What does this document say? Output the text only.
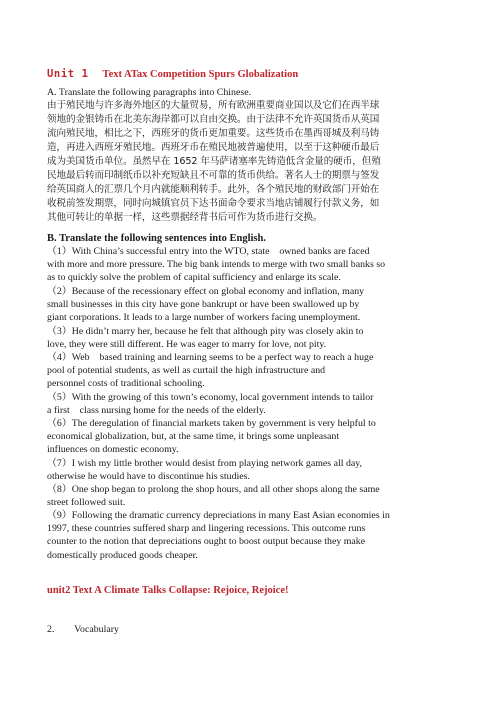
Unit 1 Text ATax Competition Spurs Globalization
A. Translate the following paragraphs into Chinese.
由于殖民地与许多海外地区的大量贸易，所有欧洲重要商业国以及它们在西半球
领地的金银铸币在北美东海岸都可以自由交换。由于法律不允许英国货币从英国
流向殖民地，相比之下，西班牙的货币更加重要。这些货币在墨西哥城及利马铸
造，再进入西班牙殖民地。西班牙币在殖民地被普遍使用，以至于这种硬币最后
成为美国货币单位。虽然早在 1652 年马萨诸塞率先铸造低含金量的硬币，但殖
民地最后转而印制纸币以补充短缺且不可靠的货币供给。著名人士的期票与签发
给英国商人的汇票几个月内就能顺利转手。此外，各个殖民地的财政部门开始在
收税前签发期票，同时向城镇官员下达书面命令要求当地店铺履行付款义务，如
其他可转让的单据一样，这些票据经背书后可作为货币进行交换。
B. Translate the following sentences into English.
（1）With China’s successful entry into the WTO, state owned banks are faced
with more and more pressure. The big bank intends to merge with two small banks so
as to quickly solve the problem of capital sufficiency and enlarge its scale.
（2）Because of the recessionary effect on global economy and inflation, many
small businesses in this city have gone bankrupt or have been swallowed up by
giant corporations. It leads to a large number of workers facing unemployment.
（3）He didn’t marry her, because he felt that although pity was closely akin to
love, they were still different. He was eager to marry for love, not pity.
（4）Web based training and learning seems to be a perfect way to reach a huge
pool of potential students, as well as curtail the high infrastructure and
personnel costs of traditional schooling.
（5）With the growing of this town’s economy, local government intends to tailor
a first class nursing home for the needs of the elderly.
（6）The deregulation of financial markets taken by government is very helpful to
economical globalization, but, at the same time, it brings some unpleasant
influences on domestic economy.
（7）I wish my little brother would desist from playing network games all day,
otherwise he would have to discontinue his studies.
（8）One shop began to prolong the shop hours, and all other shops along the same
street followed suit.
（9）Following the dramatic currency depreciations in many East Asian economies in
1997, these countries suffered sharp and lingering recessions. This outcome runs
counter to the notion that depreciations ought to boost output because they make
domestically produced goods cheaper.
unit2 Text A Climate Talks Collapse: Rejoice, Rejoice!
2.  Vocabulary
